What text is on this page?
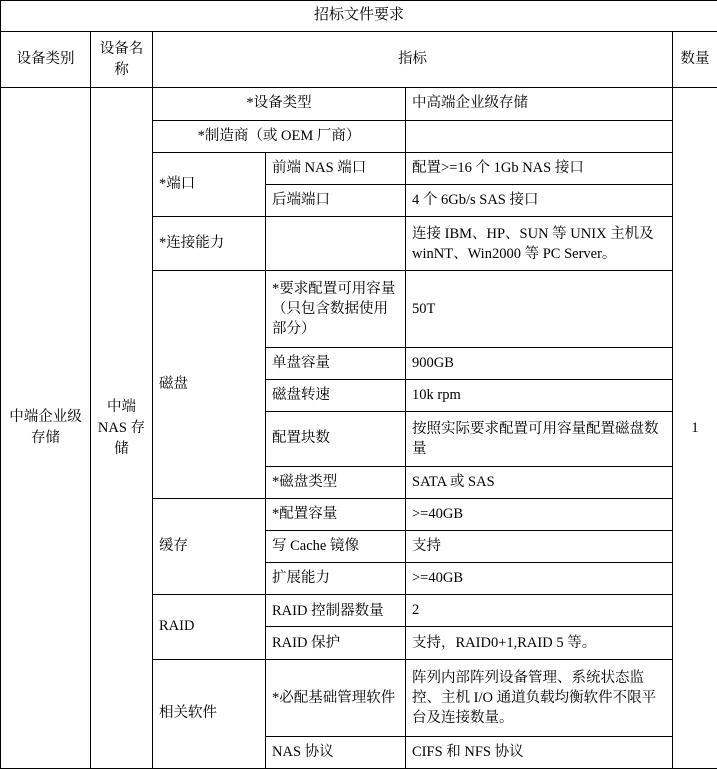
招标文件要求					
设备类别	设备名称	指标			数量
中端企业级存储	中端 NAS 存储	*设备类型		中高端企业级存储	1
		*制造商（或 OEM 厂商）			
		*端口	前端 NAS 端口	配置>=16 个 1Gb NAS 接口	
			后端端口	4 个 6Gb/s SAS 接口	
		*连接能力		连接 IBM、HP、SUN 等 UNIX 主机及 winNT、Win2000 等 PC Server。	
		磁盘	*要求配置可用容量（只包含数据使用部分）	50T	
			单盘容量	900GB	
			磁盘转速	10k rpm	
			配置块数	按照实际要求配置可用容量配置磁盘数量	
			*磁盘类型	SATA 或 SAS	
		缓存	*配置容量	>=40GB	
			写 Cache 镜像	支持	
			扩展能力	>=40GB	
		RAID	RAID 控制器数量	2	
			RAID 保护	支持，RAID0+1,RAID 5 等。	
		相关软件	*必配基础管理软件	阵列内部阵列设备管理、系统状态监控、主机 I/O 通道负载均衡软件不限平台及连接数量。	
			NAS 协议	CIFS 和 NFS 协议	
